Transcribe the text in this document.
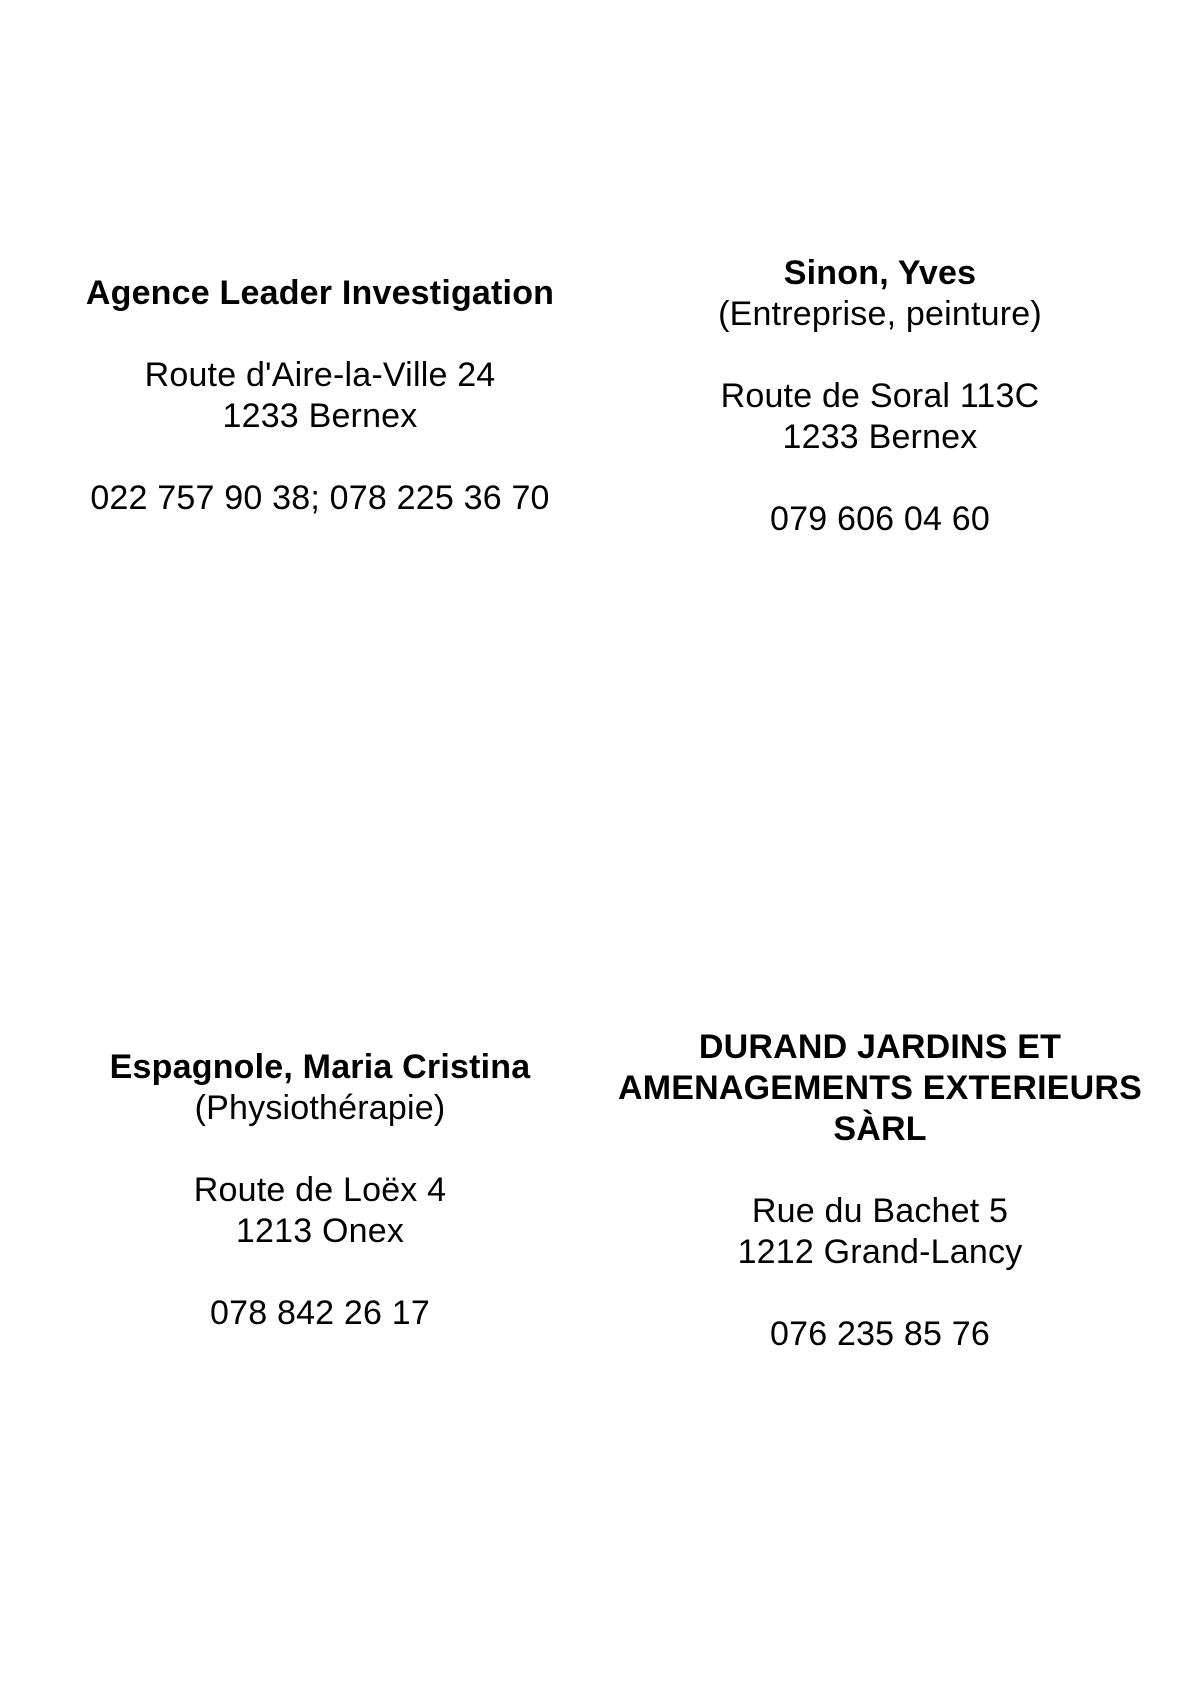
Agence Leader Investigation
Route d'Aire-la-Ville 24
1233 Bernex
022 757 90 38; 078 225 36 70
Sinon, Yves
(Entreprise, peinture)
Route de Soral 113C
1233 Bernex
079 606 04 60
Espagnole, Maria Cristina
(Physiothérapie)
Route de Loëx 4
1213 Onex
078 842 26 17
DURAND JARDINS ET
AMENAGEMENTS EXTERIEURS
SÀRL
Rue du Bachet 5
1212 Grand-Lancy
076 235 85 76
